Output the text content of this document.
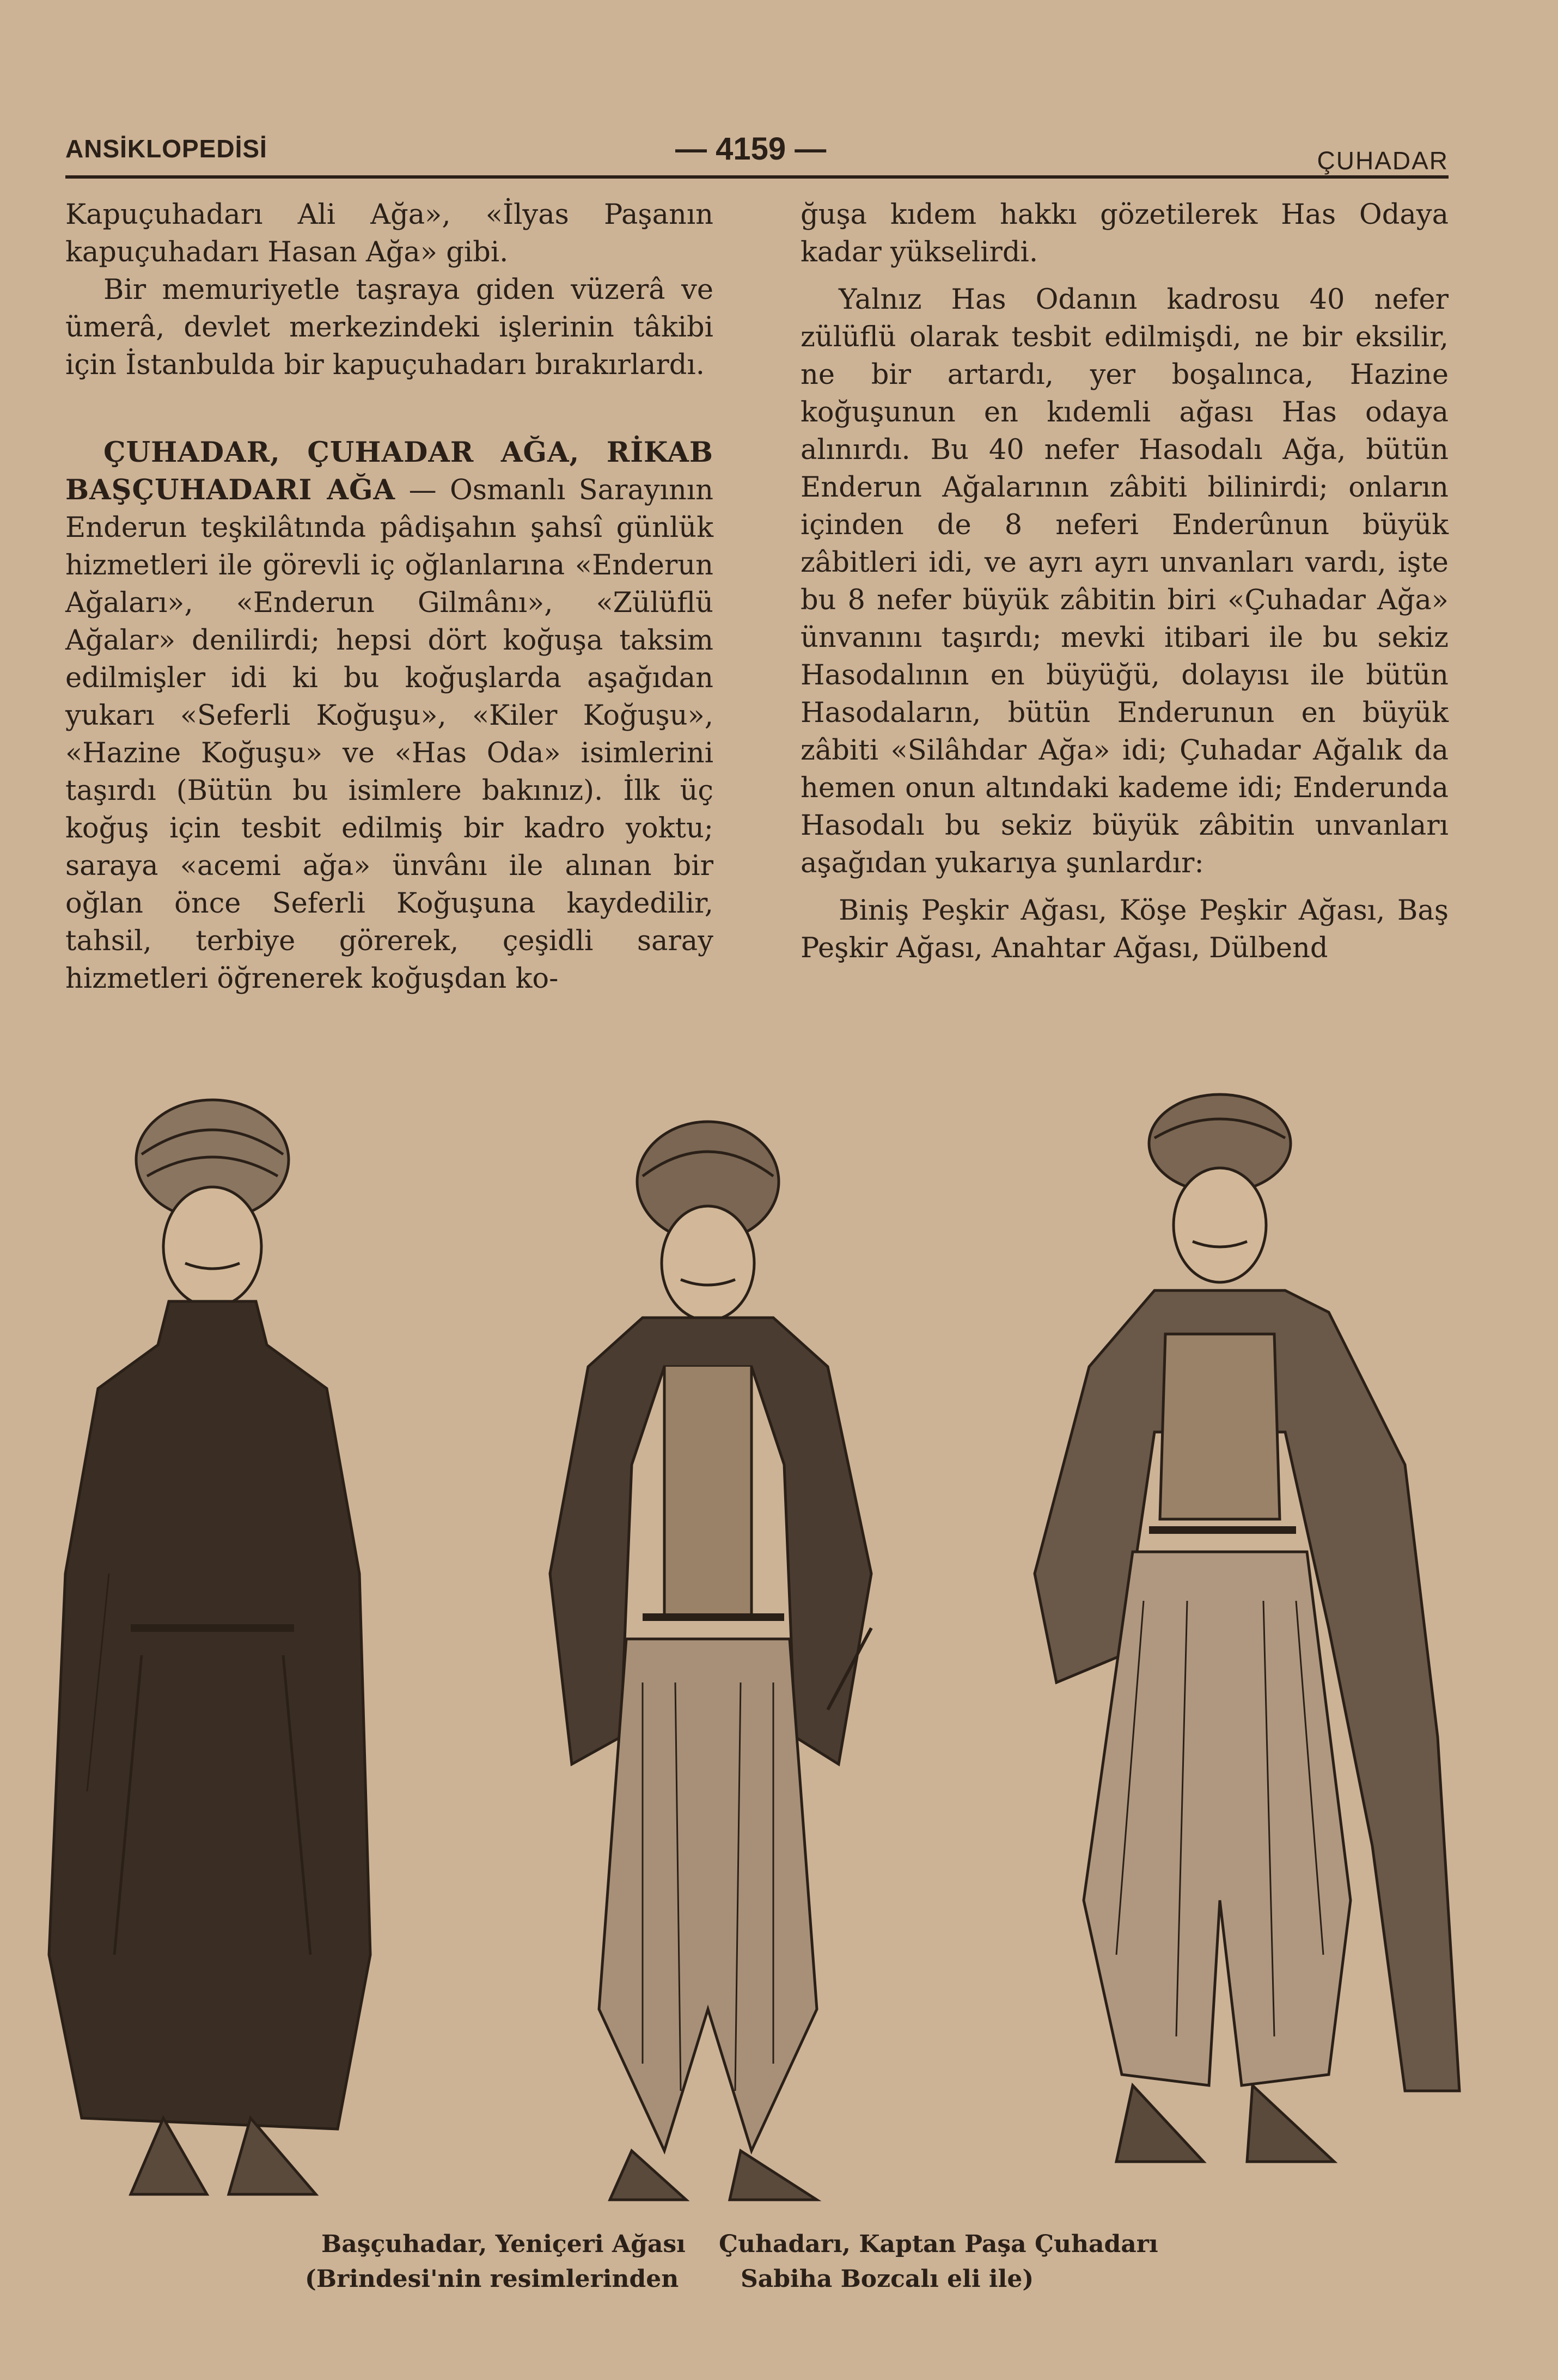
ANSİKLOPEDİSİ	— 4159 —	ÇUHADAR

Kapuçuhadarı Ali Ağa», «İlyas Paşanın kapuçuhadarı Hasan Ağa» gibi.

Bir memuriyetle taşraya giden vüzerâ ve ümerâ, devlet merkezindeki işlerinin tâkibi için İstanbulda bir kapuçuhadarı bırakırlardı.

ÇUHADAR, ÇUHADAR AĞA, RİKAB BAŞÇUHADARI AĞA — Osmanlı Sarayının Enderun teşkilâtında pâdişahın şahsî günlük hizmetleri ile görevli iç oğlanlarına «Enderun Ağaları», «Enderun Gilmânı», «Zülüflü Ağalar» denilirdi; hepsi dört koğuşa taksim edilmişler idi ki bu koğuşlarda aşağıdan yukarı «Seferli Koğuşu», «Kiler Koğuşu», «Hazine Koğuşu» ve «Has Oda» isimlerini taşırdı (Bütün bu isimlere bakınız). İlk üç koğuş için tesbit edilmiş bir kadro yoktu; saraya «acemi ağa» ünvânı ile alınan bir oğlan önce Seferli Koğuşuna kaydedilir, tahsil, terbiye görerek, çeşidli saray hizmetleri öğrenerek koğuşdan ko-

ğuşa kıdem hakkı gözetilerek Has Odaya kadar yükselirdi.

Yalnız Has Odanın kadrosu 40 nefer zülüflü olarak tesbit edilmişdi, ne bir eksilir, ne bir artardı, yer boşalınca, Hazine koğuşunun en kıdemli ağası Has odaya alınırdı. Bu 40 nefer Hasodalı Ağa, bütün Enderun Ağalarının zâbiti bilinirdi; onların içinden de 8 neferi Enderûnun büyük zâbitleri idi, ve ayrı ayrı unvanları vardı, işte bu 8 nefer büyük zâbitin biri «Çuhadar Ağa» ünvanını taşırdı; mevki itibari ile bu sekiz Hasodalının en büyüğü, dolayısı ile bütün Hasodaların, bütün Enderunun en büyük zâbiti «Silâhdar Ağa» idi; Çuhadar Ağalık da hemen onun altındaki kademe idi; Enderunda Hasodalı bu sekiz büyük zâbitin unvanları aşağıdan yukarıya şunlardır:

Biniş Peşkir Ağası, Köşe Peşkir Ağası, Baş Peşkir Ağası, Anahtar Ağası, Dülbend

Başçuhadar, Yeniçeri Ağası Çuhadarı, Kaptan Paşa Çuhadarı
(Brindesi'nin resimlerinden	Sabiha Bozcalı eli ile)
